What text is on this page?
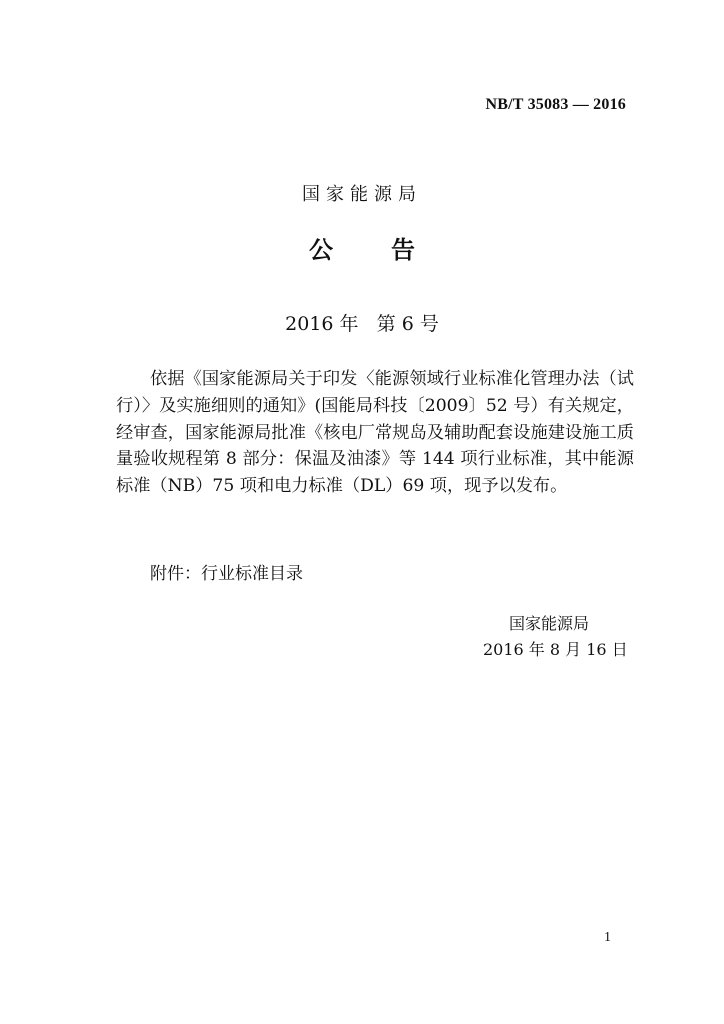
NB/T 35083 — 2016
国家能源局
公告
2016 年   第 6 号

依据《国家能源局关于印发〈能源领域行业标准化管理办法（试行）〉及实施细则的通知》(国能局科技〔2009〕52 号）有关规定，经审查，国家能源局批准《核电厂常规岛及辅助配套设施建设施工质量验收规程第 8 部分：保温及油漆》等 144 项行业标准，其中能源标准（NB）75 项和电力标准（DL）69 项，现予以发布。

附件：行业标准目录
国家能源局
2016 年 8 月 16 日
1
